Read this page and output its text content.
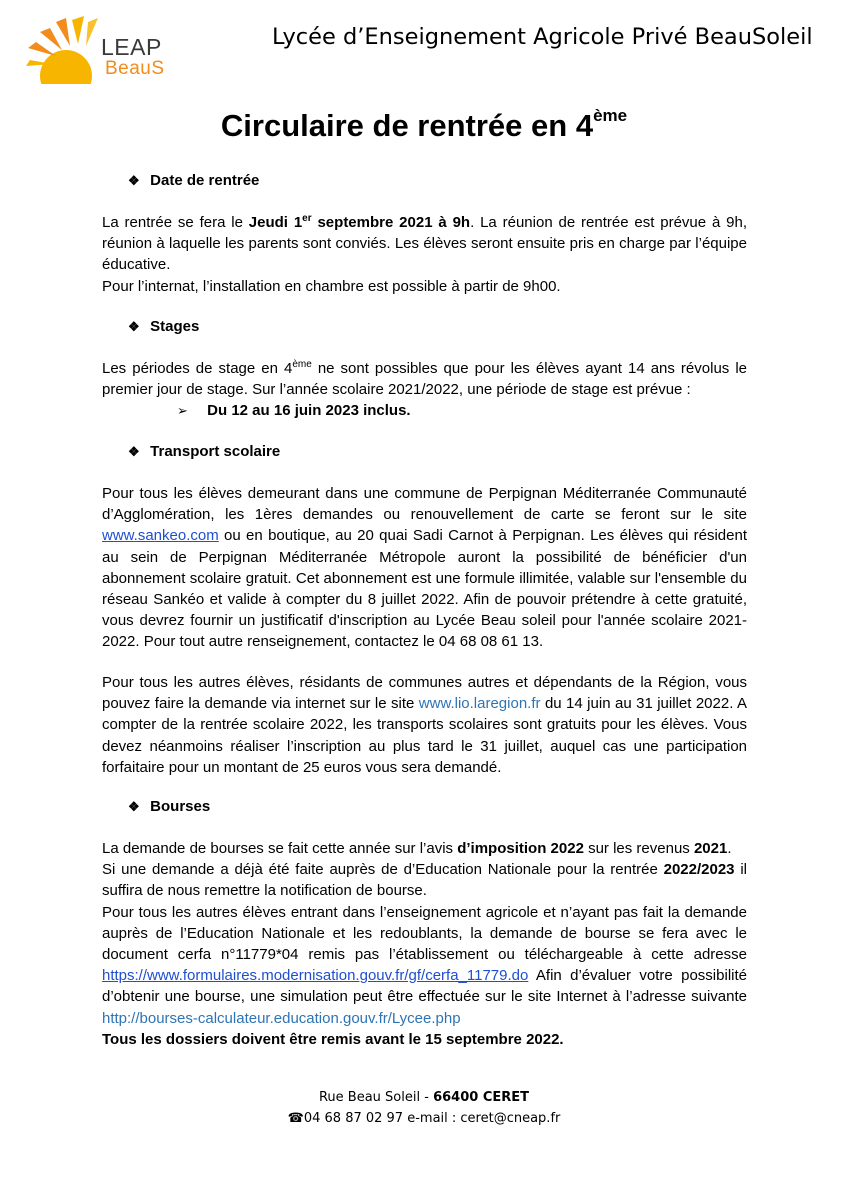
LEAP
BeauS
Lycée d’Enseignement Agricole Privé BeauSoleil
Circulaire de rentrée en 4ème
❖ Date de rentrée

La rentrée se fera le Jeudi 1er septembre 2021 à 9h. La réunion de rentrée est prévue à 9h, réunion à laquelle les parents sont conviés. Les élèves seront ensuite pris en charge par l’équipe éducative.

Pour l’internat, l’installation en chambre est possible à partir de 9h00.

❖ Stages

Les périodes de stage en 4ème ne sont possibles que pour les élèves ayant 14 ans révolus le premier jour de stage. Sur l’année scolaire 2021/2022, une période de stage est prévue :

➢ Du 12 au 16 juin 2023 inclus.
❖ Transport scolaire

Pour tous les élèves demeurant dans une commune de Perpignan Méditerranée Communauté d’Agglomération, les 1ères demandes ou renouvellement de carte se feront sur le site www.sankeo.com ou en boutique, au 20 quai Sadi Carnot à Perpignan. Les élèves qui résident au sein de Perpignan Méditerranée Métropole auront la possibilité de bénéficier d'un abonnement scolaire gratuit. Cet abonnement est une formule illimitée, valable sur l'ensemble du réseau Sankéo et valide à compter du 8 juillet 2022. Afin de pouvoir prétendre à cette gratuité, vous devrez fournir un justificatif d'inscription au Lycée Beau soleil pour l'année scolaire 2021-2022. Pour tout autre renseignement, contactez le 04 68 08 61 13.

Pour tous les autres élèves, résidants de communes autres et dépendants de la Région, vous pouvez faire la demande via internet sur le site www.lio.laregion.fr du 14 juin au 31 juillet 2022. A compter de la rentrée scolaire 2022, les transports scolaires sont gratuits pour les élèves. Vous devez néanmoins réaliser l’inscription au plus tard le 31 juillet, auquel cas une participation forfaitaire pour un montant de 25 euros vous sera demandé.

❖ Bourses

La demande de bourses se fait cette année sur l’avis d’imposition 2022 sur les revenus 2021.

Si une demande a déjà été faite auprès de d’Education Nationale pour la rentrée 2022/2023 il suffira de nous remettre la notification de bourse.

Pour tous les autres élèves entrant dans l’enseignement agricole et n’ayant pas fait la demande auprès de l’Education Nationale et les redoublants, la demande de bourse se fera avec le document cerfa n°11779*04 remis pas l’établissement ou téléchargeable à cette adresse https://www.formulaires.modernisation.gouv.fr/gf/cerfa_11779.do Afin d’évaluer votre possibilité d’obtenir une bourse, une simulation peut être effectuée sur le site Internet à l’adresse suivante http://bourses-calculateur.education.gouv.fr/Lycee.php

Tous les dossiers doivent être remis avant le 15 septembre 2022.

Rue Beau Soleil - 66400 CERET
☎04 68 87 02 97 e-mail : ceret@cneap.fr
